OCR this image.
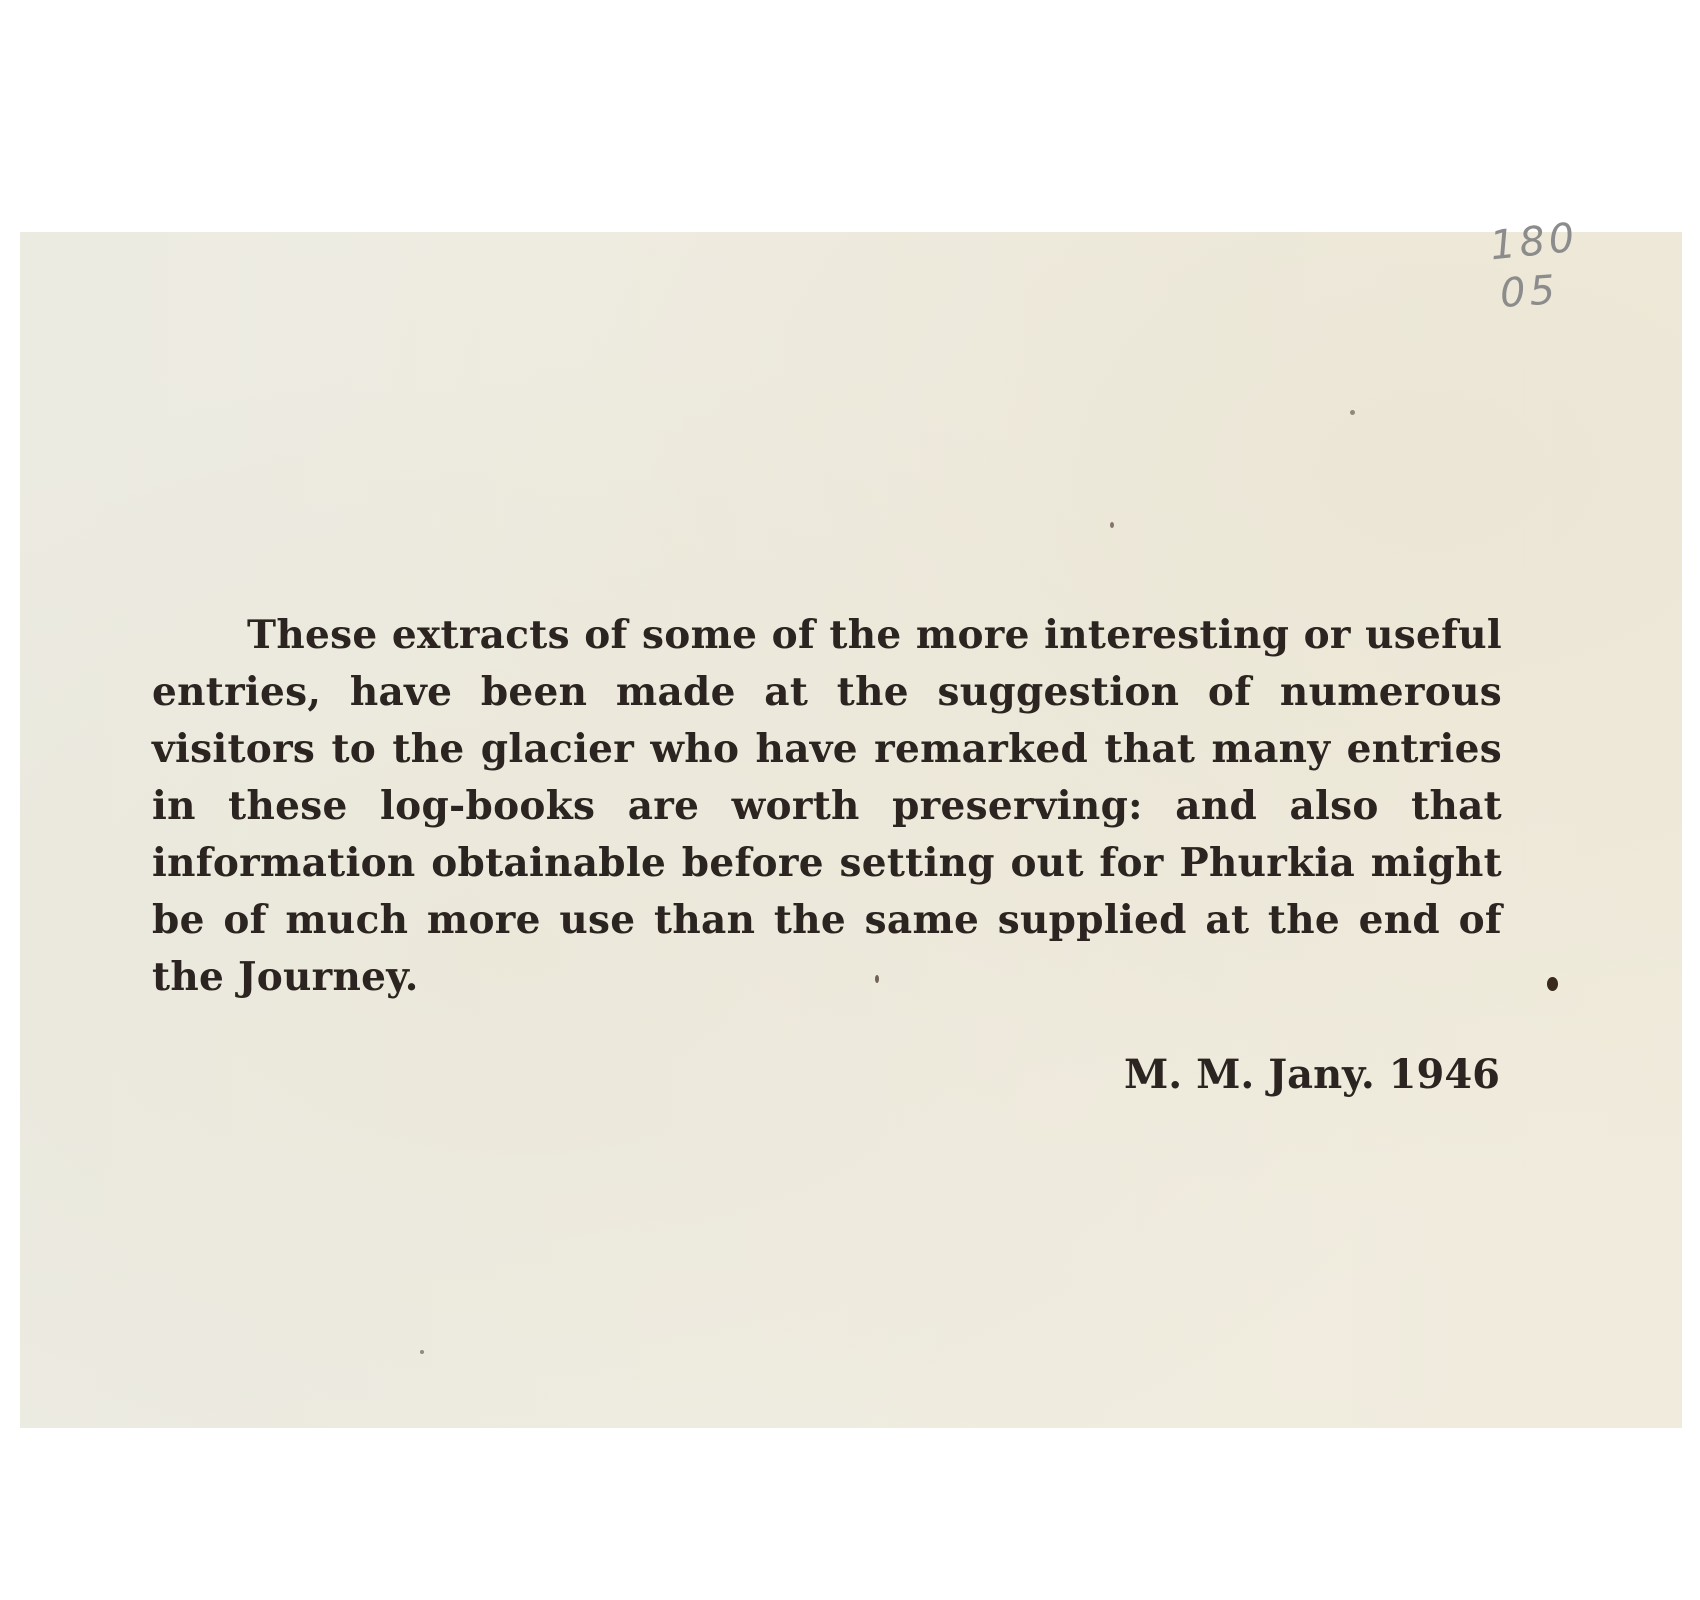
180
05

These extracts of some of the more interesting or useful entries, have been made at the suggestion of numerous visitors to the glacier who have remarked that many entries in these log-books are worth preserving: and also that information obtainable before setting out for Phurkia might be of much more use than the same supplied at the end of the Journey.

M. M. Jany. 1946
